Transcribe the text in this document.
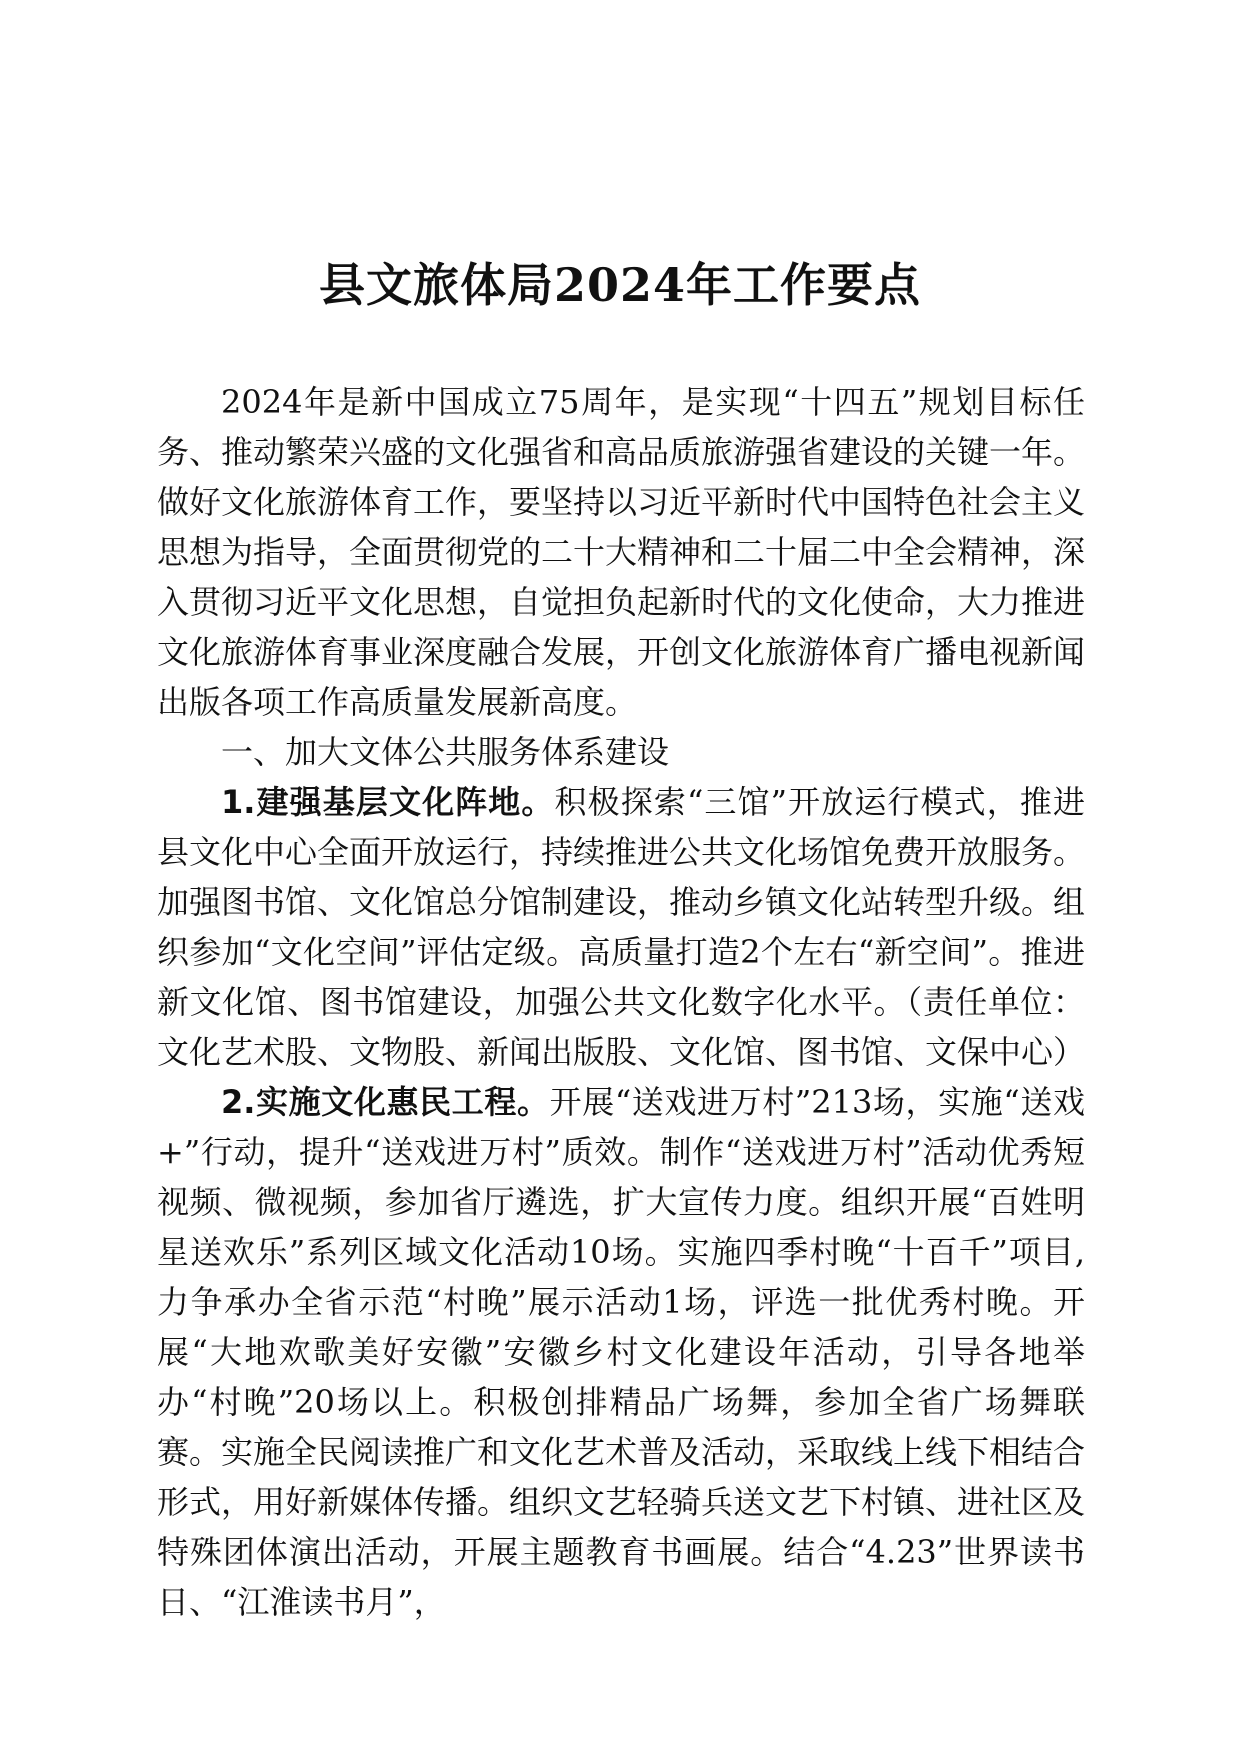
县文旅体局2024年工作要点

2024年是新中国成立75周年，是实现“十四五”规划目标任务、推动繁荣兴盛的文化强省和高品质旅游强省建设的关键一年。做好文化旅游体育工作，要坚持以习近平新时代中国特色社会主义思想为指导，全面贯彻党的二十大精神和二十届二中全会精神，深入贯彻习近平文化思想，自觉担负起新时代的文化使命，大力推进文化旅游体育事业深度融合发展，开创文化旅游体育广播电视新闻出版各项工作高质量发展新高度。

一、加大文体公共服务体系建设

1.建强基层文化阵地。积极探索“三馆”开放运行模式，推进县文化中心全面开放运行，持续推进公共文化场馆免费开放服务。加强图书馆、文化馆总分馆制建设，推动乡镇文化站转型升级。组织参加“文化空间”评估定级。高质量打造2个左右“新空间”。推进新文化馆、图书馆建设，加强公共文化数字化水平。（责任单位：文化艺术股、文物股、新闻出版股、文化馆、图书馆、文保中心）

2.实施文化惠民工程。开展“送戏进万村”213场，实施“送戏+”行动，提升“送戏进万村”质效。制作“送戏进万村”活动优秀短视频、微视频，参加省厅遴选，扩大宣传力度。组织开展“百姓明星送欢乐”系列区域文化活动10场。实施四季村晚“十百千”项目,力争承办全省示范“村晚”展示活动1场，评选一批优秀村晚。开展“大地欢歌美好安徽”安徽乡村文化建设年活动，引导各地举办“村晚”20场以上。积极创排精品广场舞，参加全省广场舞联赛。实施全民阅读推广和文化艺术普及活动，采取线上线下相结合形式，用好新媒体传播。组织文艺轻骑兵送文艺下村镇、进社区及特殊团体演出活动，开展主题教育书画展。结合“4.23”世界读书日、“江淮读书月”，
